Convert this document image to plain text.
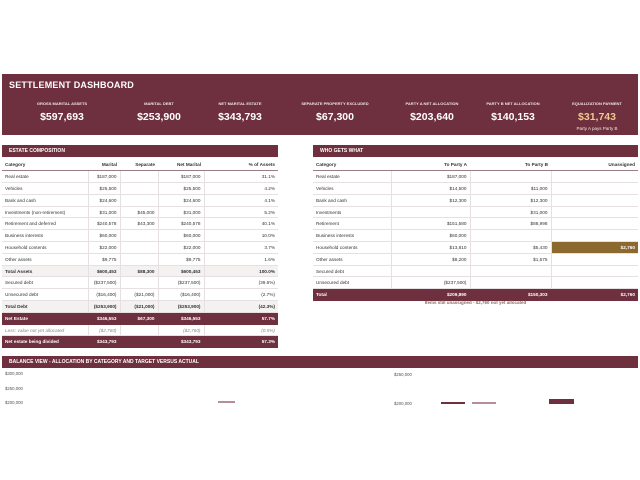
SETTLEMENT DASHBOARD
GROSS MARITAL ASSETS
$597,693
MARITAL DEBT
$253,900
NET MARITAL ESTATE
$343,793
SEPARATE PROPERTY EXCLUDED
$67,300
PARTY A NET ALLOCATION
$203,640
PARTY B NET ALLOCATION
$140,153
EQUALIZATION PAYMENT
$31,743
Party A pays Party B
ESTATE COMPOSITION
Category	Marital	Separate	Net Marital	% of Assets
Real estate	$187,000		$187,000	31.1%
Vehicles	$25,500		$25,500	4.2%
Bank and cash	$24,600		$24,600	4.1%
Investments (non-retirement)	$31,000	$45,000	$31,000	5.2%
Retirement and deferred	$240,578	$43,300	$240,578	40.1%
Business interests	$60,000		$60,000	10.0%
Household contents	$22,000		$22,000	3.7%
Other assets	$9,775		$9,775	1.6%
Total Assets	$600,453	$88,300	$600,453	100.0%
Secured debt	($237,500)		($237,500)	(39.6%)
Unsecured debt	($16,400)	($21,000)	($16,400)	(2.7%)
Total Debt	($253,900)	($21,000)	($253,900)	(42.3%)
Net Estate	$346,553	$67,300	$346,553	57.7%
Less: value not yet allocated	($2,760)		($2,760)	(0.5%)
Net estate being divided	$343,793		$343,793	57.3%
WHO GETS WHAT
Category	To Party A	To Party B	Unassigned
Real estate	$187,000		
Vehicles	$14,500	$11,000	
Bank and cash	$12,300	$12,300	
Investments		$31,000	
Retirement	$151,580	$88,998	
Business interests	$60,000		
Household contents	$13,810	$5,430	$2,760
Other assets	$8,200	$1,575	
Secured debt			
Unsecured debt	($237,500)		
Total	$209,890	$150,303	$2,760
Items still unassigned - $2,760 not yet allocated
BALANCE VIEW - ALLOCATION BY CATEGORY AND TARGET VERSUS ACTUAL
$300,000
$250,000
$200,000
$250,000
$200,000
